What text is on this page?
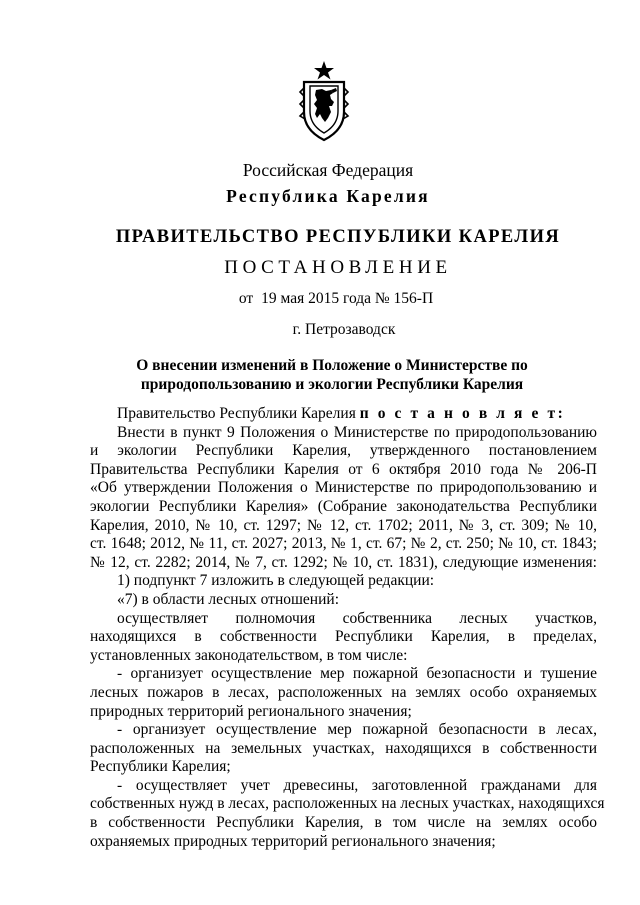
Российская Федерация
Республика Карелия
ПРАВИТЕЛЬСТВО РЕСПУБЛИКИ КАРЕЛИЯ
ПОСТАНОВЛЕНИЕ
от 19 мая 2015 года № 156-П
г. Петрозаводск
О внесении изменений в Положение о Министерстве по
природопользованию и экологии Республики Карелия
Правительство Республики Карелия п о с т а н о в л я е т:
Внести в пункт 9 Положения о Министерстве по природопользованию
и экологии Республики Карелия, утвержденного постановлением
Правительства Республики Карелия от 6 октября 2010 года № 206-П
«Об утверждении Положения о Министерстве по природопользованию и
экологии Республики Карелия» (Собрание законодательства Республики
Карелия, 2010, № 10, ст. 1297; № 12, ст. 1702; 2011, № 3, ст. 309; № 10,
ст. 1648; 2012, № 11, ст. 2027; 2013, № 1, ст. 67; № 2, ст. 250; № 10, ст. 1843;
№ 12, ст. 2282; 2014, № 7, ст. 1292; № 10, ст. 1831), следующие изменения:
1) подпункт 7 изложить в следующей редакции:
«7) в области лесных отношений:
осуществляет полномочия собственника лесных участков,
находящихся в собственности Республики Карелия, в пределах,
установленных законодательством, в том числе:
- организует осуществление мер пожарной безопасности и тушение
лесных пожаров в лесах, расположенных на землях особо охраняемых
природных территорий регионального значения;
- организует осуществление мер пожарной безопасности в лесах,
расположенных на земельных участках, находящихся в собственности
Республики Карелия;
- осуществляет учет древесины, заготовленной гражданами для
собственных нужд в лесах, расположенных на лесных участках, находящихся
в собственности Республики Карелия, в том числе на землях особо
охраняемых природных территорий регионального значения;
